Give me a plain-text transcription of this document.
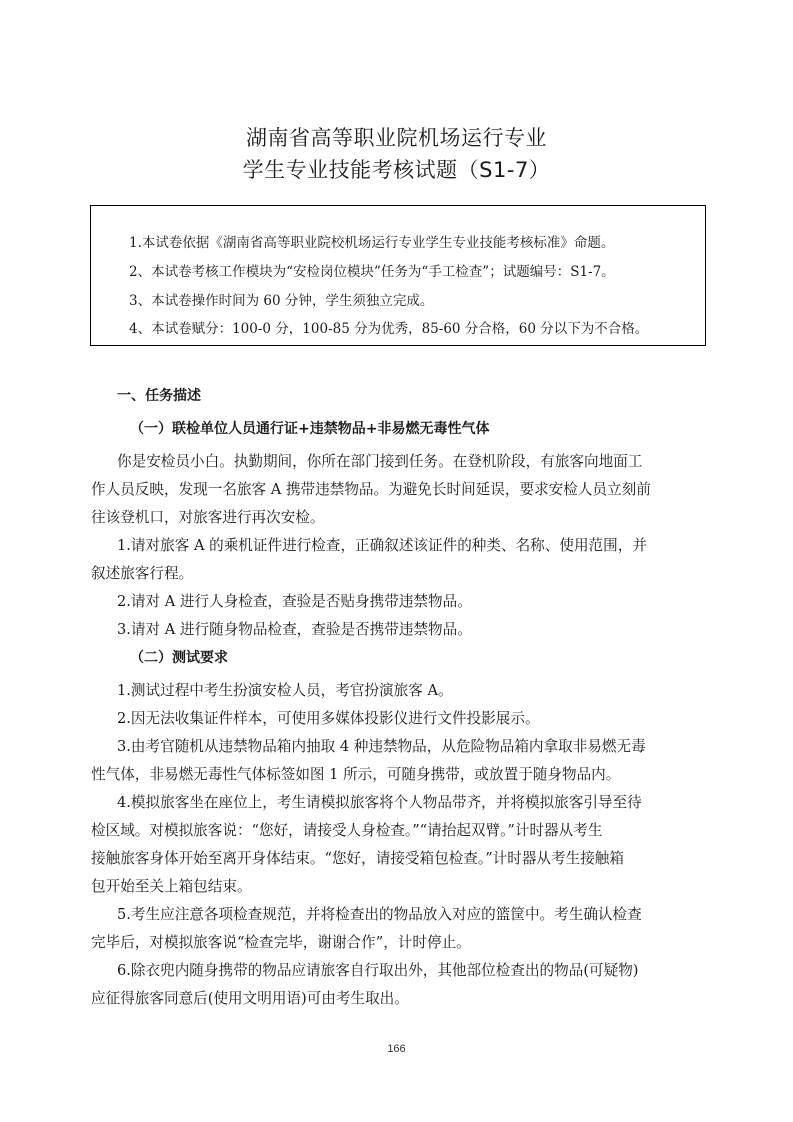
湖南省高等职业院机场运行专业
学生专业技能考核试题（S1-7）
1.本试卷依据《湖南省高等职业院校机场运行专业学生专业技能考核标准》命题。
2、本试卷考核工作模块为“安检岗位模块”任务为“手工检查”；试题编号：S1-7。
3、本试卷操作时间为 60 分钟，学生须独立完成。
4、本试卷赋分：100-0 分，100-85 分为优秀，85-60 分合格，60 分以下为不合格。
一、任务描述
（一）联检单位人员通行证+违禁物品+非易燃无毒性气体
你是安检员小白。执勤期间，你所在部门接到任务。在登机阶段，有旅客向地面工
作人员反映，发现一名旅客 A 携带违禁物品。为避免长时间延误，要求安检人员立刻前
往该登机口，对旅客进行再次安检。
1.请对旅客 A 的乘机证件进行检查，正确叙述该证件的种类、名称、使用范围，并
叙述旅客行程。
2.请对 A 进行人身检查，查验是否贴身携带违禁物品。
3.请对 A 进行随身物品检查，查验是否携带违禁物品。
（二）测试要求
1.测试过程中考生扮演安检人员，考官扮演旅客 A。
2.因无法收集证件样本，可使用多媒体投影仪进行文件投影展示。
3.由考官随机从违禁物品箱内抽取 4 种违禁物品，从危险物品箱内拿取非易燃无毒
性气体，非易燃无毒性气体标签如图 1 所示，可随身携带，或放置于随身物品内。
4.模拟旅客坐在座位上，考生请模拟旅客将个人物品带齐，并将模拟旅客引导至待
检区域。对模拟旅客说：“您好，请接受人身检查。”“请抬起双臂。”计时器从考生
接触旅客身体开始至离开身体结束。“您好，请接受箱包检查。”计时器从考生接触箱
包开始至关上箱包结束。
5.考生应注意各项检查规范，并将检查出的物品放入对应的篮筐中。考生确认检查
完毕后，对模拟旅客说“检查完毕，谢谢合作”，计时停止。
6.除衣兜内随身携带的物品应请旅客自行取出外，其他部位检查出的物品(可疑物)
应征得旅客同意后(使用文明用语)可由考生取出。
166
